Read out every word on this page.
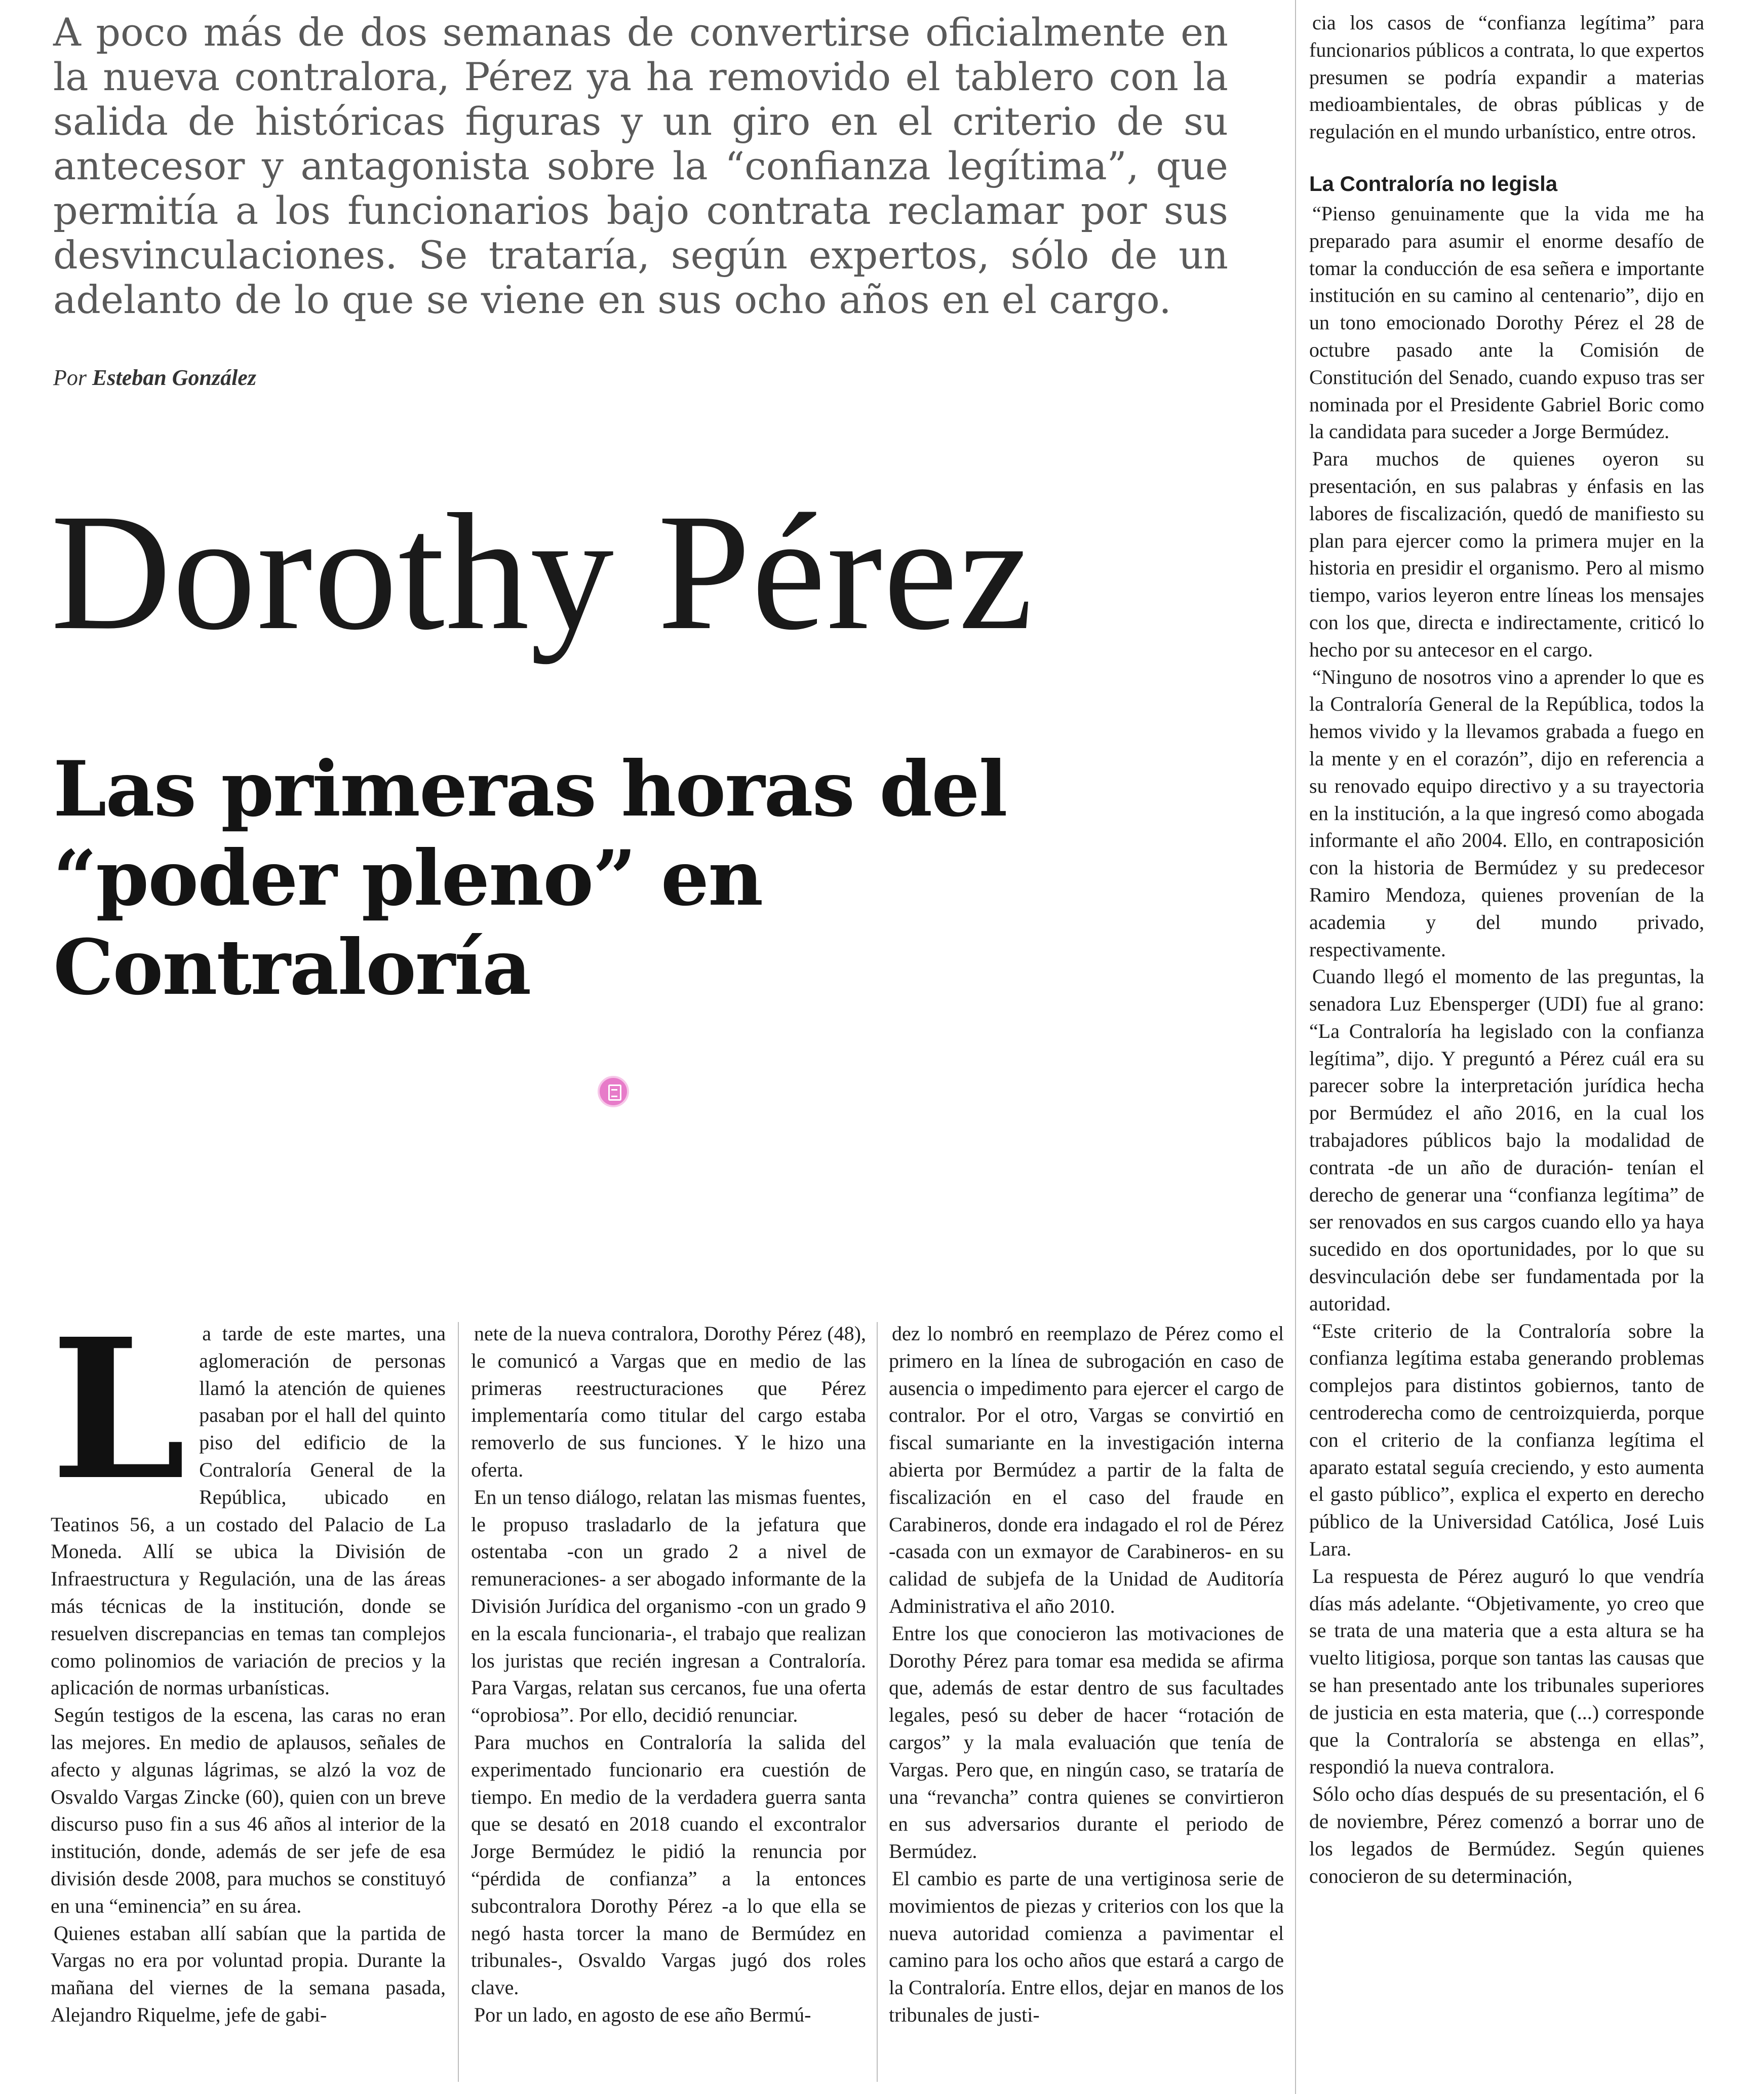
A poco más de dos semanas de convertirse oficialmente en la nueva contralora, Pérez ya ha removido el tablero con la salida de históricas figuras y un giro en el criterio de su antecesor y antagonista sobre la “confianza legítima”, que permitía a los funcionarios bajo contrata reclamar por sus desvinculaciones. Se trataría, según expertos, sólo de un adelanto de lo que se viene en sus ocho años en el cargo.

Por Esteban González

Dorothy Pérez
Las primeras horas del
“poder pleno” en Contraloría
L a tarde de este martes, una aglomeración de personas llamó la atención de quienes pasaban por el hall del quinto piso del edificio de la Contraloría General de la República, ubicado en Teatinos 56, a un costado del Palacio de La Moneda. Allí se ubica la División de Infraestructura y Regulación, una de las áreas más técnicas de la institución, donde se resuelven discrepancias en temas tan complejos como polinomios de variación de precios y la aplicación de normas urbanísticas.

Según testigos de la escena, las caras no eran las mejores. En medio de aplausos, señales de afecto y algunas lágrimas, se alzó la voz de Osvaldo Vargas Zincke (60), quien con un breve discurso puso fin a sus 46 años al interior de la institución, donde, además de ser jefe de esa división desde 2008, para muchos se constituyó en una “eminencia” en su área.

Quienes estaban allí sabían que la partida de Vargas no era por voluntad propia. Durante la mañana del viernes de la semana pasada, Alejandro Riquelme, jefe de gabi-

nete de la nueva contralora, Dorothy Pérez (48), le comunicó a Vargas que en medio de las primeras reestructuraciones que Pérez implementaría como titular del cargo estaba removerlo de sus funciones. Y le hizo una oferta.

En un tenso diálogo, relatan las mismas fuentes, le propuso trasladarlo de la jefatura que ostentaba -con un grado 2 a nivel de remuneraciones- a ser abogado informante de la División Jurídica del organismo -con un grado 9 en la escala funcionaria-, el trabajo que realizan los juristas que recién ingresan a Contraloría. Para Vargas, relatan sus cercanos, fue una oferta “oprobiosa”. Por ello, decidió renunciar.

Para muchos en Contraloría la salida del experimentado funcionario era cuestión de tiempo. En medio de la verdadera guerra santa que se desató en 2018 cuando el excontralor Jorge Bermúdez le pidió la renuncia por “pérdida de confianza” a la entonces subcontralora Dorothy Pérez -a lo que ella se negó hasta torcer la mano de Bermúdez en tribunales-, Osvaldo Vargas jugó dos roles clave.

Por un lado, en agosto de ese año Bermú-

dez lo nombró en reemplazo de Pérez como el primero en la línea de subrogación en caso de ausencia o impedimento para ejercer el cargo de contralor. Por el otro, Vargas se convirtió en fiscal sumariante en la investigación interna abierta por Bermúdez a partir de la falta de fiscalización en el caso del fraude en Carabineros, donde era indagado el rol de Pérez -casada con un exmayor de Carabineros- en su calidad de subjefa de la Unidad de Auditoría Administrativa el año 2010.

Entre los que conocieron las motivaciones de Dorothy Pérez para tomar esa medida se afirma que, además de estar dentro de sus facultades legales, pesó su deber de hacer “rotación de cargos” y la mala evaluación que tenía de Vargas. Pero que, en ningún caso, se trataría de una “revancha” contra quienes se convirtieron en sus adversarios durante el periodo de Bermúdez.

El cambio es parte de una vertiginosa serie de movimientos de piezas y criterios con los que la nueva autoridad comienza a pavimentar el camino para los ocho años que estará a cargo de la Contraloría. Entre ellos, dejar en manos de los tribunales de justi-

cia los casos de “confianza legítima” para funcionarios públicos a contrata, lo que expertos presumen se podría expandir a materias medioambientales, de obras públicas y de regulación en el mundo urbanístico, entre otros.

La Contraloría no legisla

“Pienso genuinamente que la vida me ha preparado para asumir el enorme desafío de tomar la conducción de esa señera e importante institución en su camino al centenario”, dijo en un tono emocionado Dorothy Pérez el 28 de octubre pasado ante la Comisión de Constitución del Senado, cuando expuso tras ser nominada por el Presidente Gabriel Boric como la candidata para suceder a Jorge Bermúdez.

Para muchos de quienes oyeron su presentación, en sus palabras y énfasis en las labores de fiscalización, quedó de manifiesto su plan para ejercer como la primera mujer en la historia en presidir el organismo. Pero al mismo tiempo, varios leyeron entre líneas los mensajes con los que, directa e indirectamente, criticó lo hecho por su antecesor en el cargo.

“Ninguno de nosotros vino a aprender lo que es la Contraloría General de la República, todos la hemos vivido y la llevamos grabada a fuego en la mente y en el corazón”, dijo en referencia a su renovado equipo directivo y a su trayectoria en la institución, a la que ingresó como abogada informante el año 2004. Ello, en contraposición con la historia de Bermúdez y su predecesor Ramiro Mendoza, quienes provenían de la academia y del mundo privado, respectivamente.

Cuando llegó el momento de las preguntas, la senadora Luz Ebensperger (UDI) fue al grano: “La Contraloría ha legislado con la confianza legítima”, dijo. Y preguntó a Pérez cuál era su parecer sobre la interpretación jurídica hecha por Bermúdez el año 2016, en la cual los trabajadores públicos bajo la modalidad de contrata -de un año de duración- tenían el derecho de generar una “confianza legítima” de ser renovados en sus cargos cuando ello ya haya sucedido en dos oportunidades, por lo que su desvinculación debe ser fundamentada por la autoridad.

“Este criterio de la Contraloría sobre la confianza legítima estaba generando problemas complejos para distintos gobiernos, tanto de centroderecha como de centroizquierda, porque con el criterio de la confianza legítima el aparato estatal seguía creciendo, y esto aumenta el gasto público”, explica el experto en derecho público de la Universidad Católica, José Luis Lara.

La respuesta de Pérez auguró lo que vendría días más adelante. “Objetivamente, yo creo que se trata de una materia que a esta altura se ha vuelto litigiosa, porque son tantas las causas que se han presentado ante los tribunales superiores de justicia en esta materia, que (...) corresponde que la Contraloría se abstenga en ellas”, respondió la nueva contralora.

Sólo ocho días después de su presentación, el 6 de noviembre, Pérez comenzó a borrar uno de los legados de Bermúdez. Según quienes conocieron de su determinación,
